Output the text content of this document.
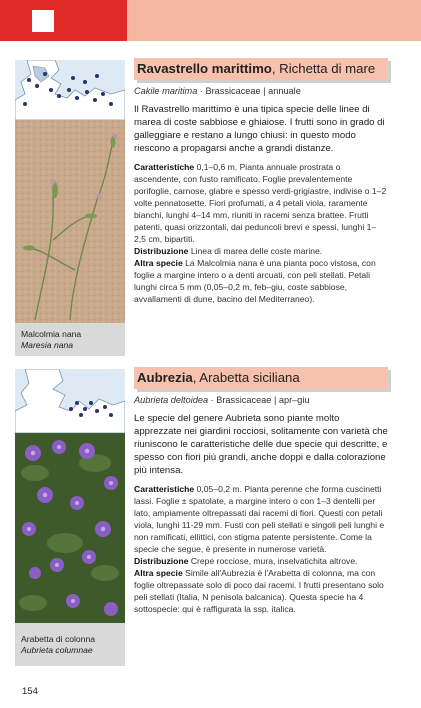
Malcolmia nana
Maresia nana
Ravastrello marittimo, Richetta di mare
Cakile maritima · Brassicaceae | annuale
Il Ravastrello marittimo è una tipica specie delle linee di marea di coste sabbiose e ghiaiose. I frutti sono in grado di galleggiare e restano a lungo chiusi: in questo modo riescono a propagarsi anche a grandi distanze.

Caratteristiche 0,1–0,6 m. Pianta annuale prostrata o ascendente, con fusto ramificato. Foglie prevalentemente porifoglie, carnose, glabre e spesso verdi-grigiastre, indivise o 1–2 volte pennatosette. Fiori profumati, a 4 petali viola, raramente bianchi, lunghi 4–14 mm, riuniti in racemi senza brattee. Frutti patenti, quasi orizzontali, dai peduncoli brevi e spessi, lunghi 1–2,5 cm, bipartiti.

Distribuzione Linea di marea delle coste marine.

Altra specie La Malcolmia nana è una pianta poco vistosa, con foglie a margine intero o a denti arcuati, con peli stellati. Petali lunghi circa 5 mm (0,05–0,2 m, feb–giu, coste sabbiose, avvallamenti di dune, bacino del Mediterraneo).

Arabetta di colonna
Aubrieta columnae
Aubrezia, Arabetta siciliana
Aubrieta deltoidea · Brassicaceae | apr–giu
Le specie del genere Aubrieta sono piante molto apprezzate nei giardini rocciosi, solitamente con varietà che riuniscono le caratteristiche delle due specie qui descritte, e spesso con fiori più grandi, anche doppi e dalla colorazione più intensa.

Caratteristiche 0,05–0,2 m. Pianta perenne che forma cuscinetti lassi. Foglie ± spatolate, a margine intero o con 1–3 dentelli per lato, ampiamente oltrepassati dai racemi di fiori. Questi con petali viola, lunghi 11-29 mm. Fusti con peli stellati e singoli peli lunghi e non ramificati, ellittici, con stigma patente persistente. Come la specie che segue, è presente in numerose varietà.

Distribuzione Crepe rocciose, mura, inselvatichita altrove.

Altra specie Simile all'Aubrezia è l'Arabetta di colonna, ma con foglie oltrepassate solo di poco dai racemi. I frutti presentano solo peli stellati (Italia, N penisola balcanica). Questa specie ha 4 sottospecie: qui è raffigurata la ssp. italica.

154
